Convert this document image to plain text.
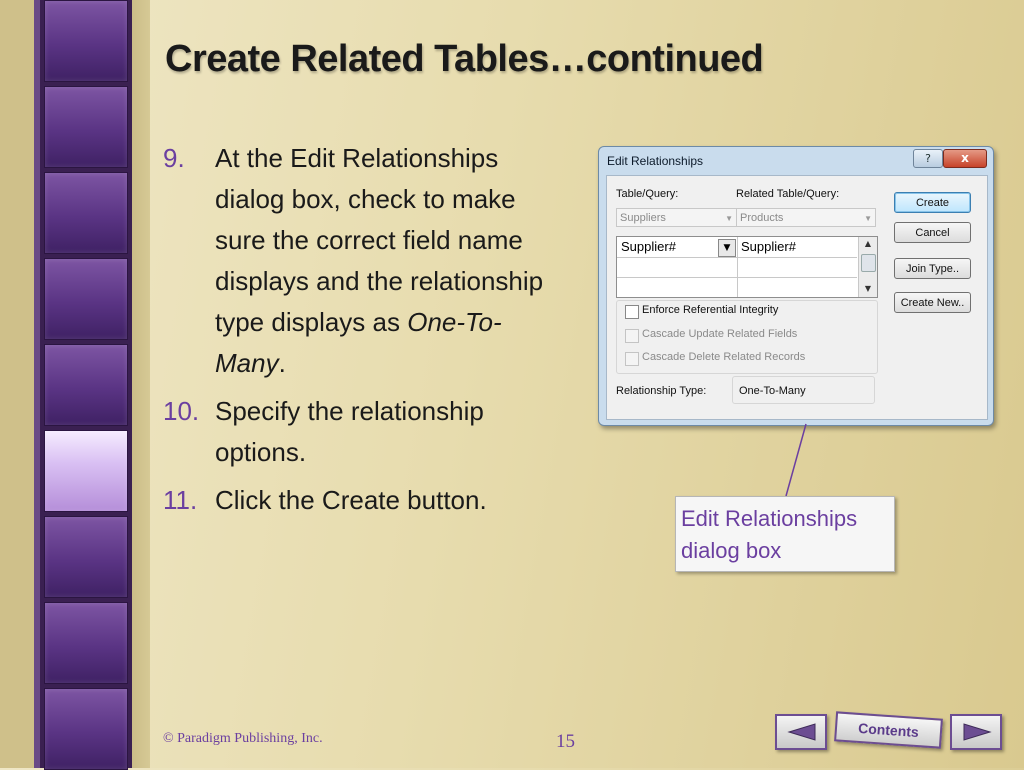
Create Related Tables…continued
9.	At the Edit Relationships dialog box, check to make sure the correct field name displays and the relationship type displays as One-To-Many.
10. Specify the relationship options.
11. Click the Create button.
Edit Relationships	?	x
Table/Query:	Related Table/Query:
Suppliers	▼ Products	▼
Supplier#	▼ Supplier#	▲
▼
Enforce Referential Integrity
Cascade Update Related Fields
Cascade Delete Related Records
Relationship Type:	One-To-Many
Create
Cancel
Join Type..
Create New..
Edit Relationships dialog box
© Paradigm Publishing, Inc.	15
Contents
